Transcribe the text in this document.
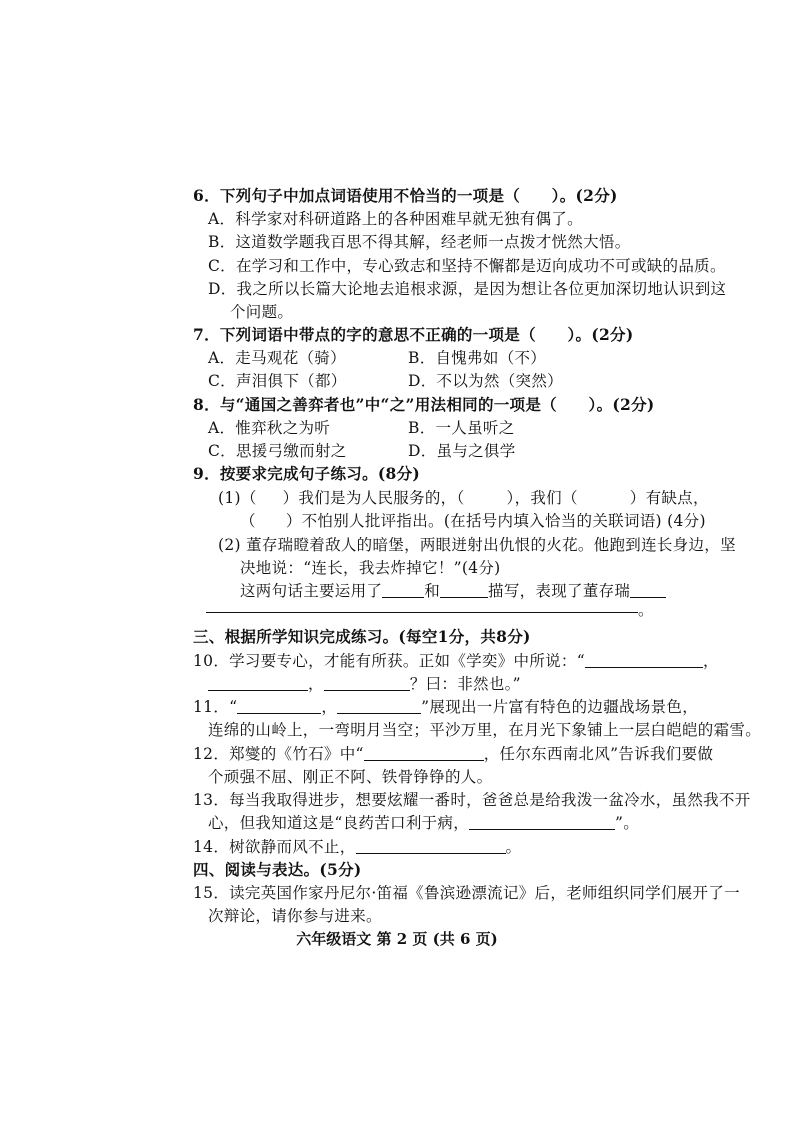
6．下列句子中加点词语使用不恰当的一项是（　　）。(2分)
A．科学家对科研道路上的各种困难早就无独有偶了。
B．这道数学题我百思不得其解，经老师一点拨才恍然大悟。
C．在学习和工作中，专心致志和坚持不懈都是迈向成功不可或缺的品质。
D．我之所以长篇大论地去追根求源，是因为想让各位更加深切地认识到这
个问题。
7．下列词语中带点的字的意思不正确的一项是（　　）。(2分)
A．走马观花（骑）	B．自愧弗如（不）
C．声泪俱下（都）	D．不以为然（突然）
8．与“通国之善弈者也”中“之”用法相同的一项是（　　）。(2分)
A．惟弈秋之为听	B．一人虽听之
C．思援弓缴而射之	D．虽与之俱学
9．按要求完成句子练习。(8分)
(1)（ ）我们是为人民服务的，（	），我们（	）有缺点，
（ ）不怕别人批评指出。(在括号内填入恰当的关联词语) (4分)
(2) 董存瑞瞪着敌人的暗堡，两眼迸射出仇恨的火花。他跑到连长身边，坚
决地说：“连长，我去炸掉它！”(4分)
这两句话主要运用了	和	描写，表现了董存瑞
。
三、根据所学知识完成练习。(每空1分，共8分)
10．学习要专心，才能有所获。正如《学奕》中所说：“	，
，	？曰：非然也。”
11．“	，	”展现出一片富有特色的边疆战场景色，
连绵的山岭上，一弯明月当空；平沙万里，在月光下象铺上一层白皑皑的霜雪。
12．郑燮的《竹石》中“	，任尔东西南北风”告诉我们要做
个顽强不屈、刚正不阿、铁骨铮铮的人。
13．每当我取得进步，想要炫耀一番时，爸爸总是给我泼一盆冷水，虽然我不开
心，但我知道这是“良药苦口利于病，	”。
14．树欲静而风不止，	。
四、阅读与表达。(5分)
15．读完英国作家丹尼尔·笛福《鲁滨逊漂流记》后，老师组织同学们展开了一
次辩论，请你参与进来。
六年级语文 第 2 页 (共 6 页)
